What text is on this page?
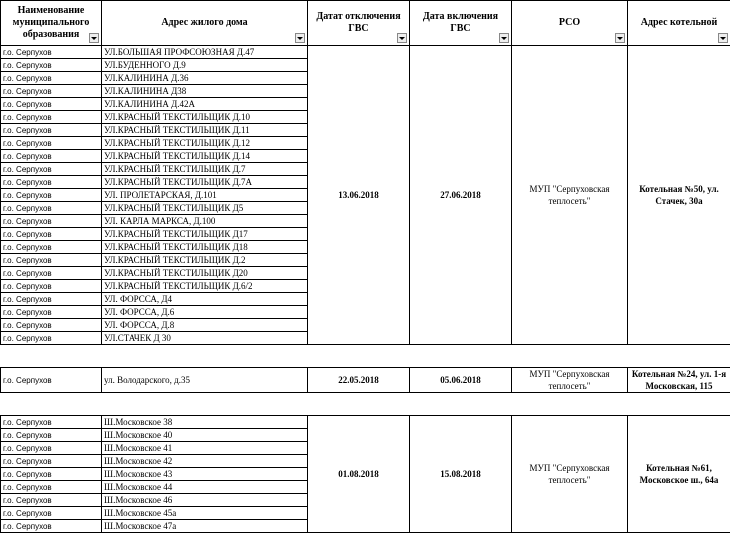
Наименование муниципального образования	Адрес жилого дома	Датат отключения ГВС	Дата включения ГВС	РСО	Адрес котельной

г.о. Серпухов	УЛ.БОЛЬШАЯ ПРОФСОЮЗНАЯ Д.47	13.06.2018	27.06.2018	МУП "Серпуховская теплосеть"	Котельная №50, ул. Стачек, 30а
г.о. Серпухов	УЛ.БУДЕННОГО Д.9				
г.о. Серпухов	УЛ.КАЛИНИНА Д.36				
г.о. Серпухов	УЛ.КАЛИНИНА Д38				
г.о. Серпухов	УЛ.КАЛИНИНА Д.42А				
г.о. Серпухов	УЛ.КРАСНЫЙ ТЕКСТИЛЬЩИК Д.10				
г.о. Серпухов	УЛ.КРАСНЫЙ ТЕКСТИЛЬЩИК Д.11				
г.о. Серпухов	УЛ.КРАСНЫЙ ТЕКСТИЛЬЩИК Д.12				
г.о. Серпухов	УЛ.КРАСНЫЙ ТЕКСТИЛЬЩИК Д.14				
г.о. Серпухов	УЛ.КРАСНЫЙ ТЕКСТИЛЬЩИК Д.7				
г.о. Серпухов	УЛ.КРАСНЫЙ ТЕКСТИЛЬЩИК Д.7А				
г.о. Серпухов	УЛ. ПРОЛЕТАРСКАЯ, Д.101				
г.о. Серпухов	УЛ.КРАСНЫЙ ТЕКСТИЛЬЩИК Д5				
г.о. Серпухов	УЛ. КАРЛА МАРКСА, Д.100				
г.о. Серпухов	УЛ.КРАСНЫЙ ТЕКСТИЛЬЩИК Д17				
г.о. Серпухов	УЛ.КРАСНЫЙ ТЕКСТИЛЬЩИК Д18				
г.о. Серпухов	УЛ.КРАСНЫЙ ТЕКСТИЛЬЩИК Д.2				
г.о. Серпухов	УЛ.КРАСНЫЙ ТЕКСТИЛЬЩИК Д20				
г.о. Серпухов	УЛ.КРАСНЫЙ ТЕКСТИЛЬЩИК Д.6/2				
г.о. Серпухов	УЛ. ФОРССА, Д4				
г.о. Серпухов	УЛ. ФОРССА, Д.6				
г.о. Серпухов	УЛ. ФОРССА, Д.8				
г.о. Серпухов	УЛ.СТАЧЕК Д 30				

г.о. Серпухов	ул. Володарского, д.35	22.05.2018	05.06.2018	МУП "Серпуховская теплосеть"	Котельная №24, ул. 1-я Московская, 115

г.о. Серпухов	Ш.Московское 38	01.08.2018	15.08.2018	МУП "Серпуховская теплосеть"	Котельная №61, Московское ш., 64а
г.о. Серпухов	Ш.Московское 40				
г.о. Серпухов	Ш.Московское 41				
г.о. Серпухов	Ш.Московское 42				
г.о. Серпухов	Ш.Московское 43				
г.о. Серпухов	Ш.Московское 44				
г.о. Серпухов	Ш.Московское 46				
г.о. Серпухов	Ш.Московское 45а				
г.о. Серпухов	Ш.Московское 47а				
